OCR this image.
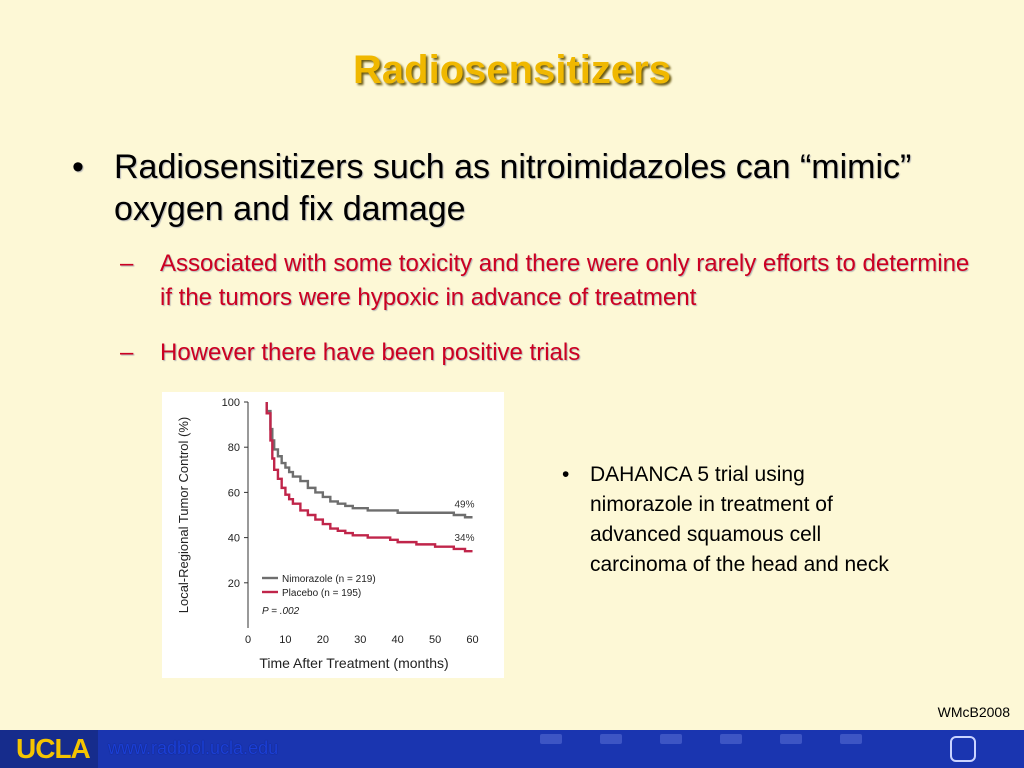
Radiosensitizers
• Radiosensitizers such as nitroimidazoles can “mimic” oxygen and fix damage
– Associated with some toxicity and there were only rarely efforts to determine if the tumors were hypoxic in advance of treatment
– However there have been positive trials
20
40
60
80
100
0	10 20 30 40 50 60
Local-Regional Tumor Control (%)
Time After Treatment (months)
49%
34%
Nimorazole (n = 219)
Placebo (n = 195)
P = .002
• DAHANCA 5 trial using nimorazole in treatment of advanced squamous cell carcinoma of the head and neck
WMcB2008
UCLA www.radbiol.ucla.edu
